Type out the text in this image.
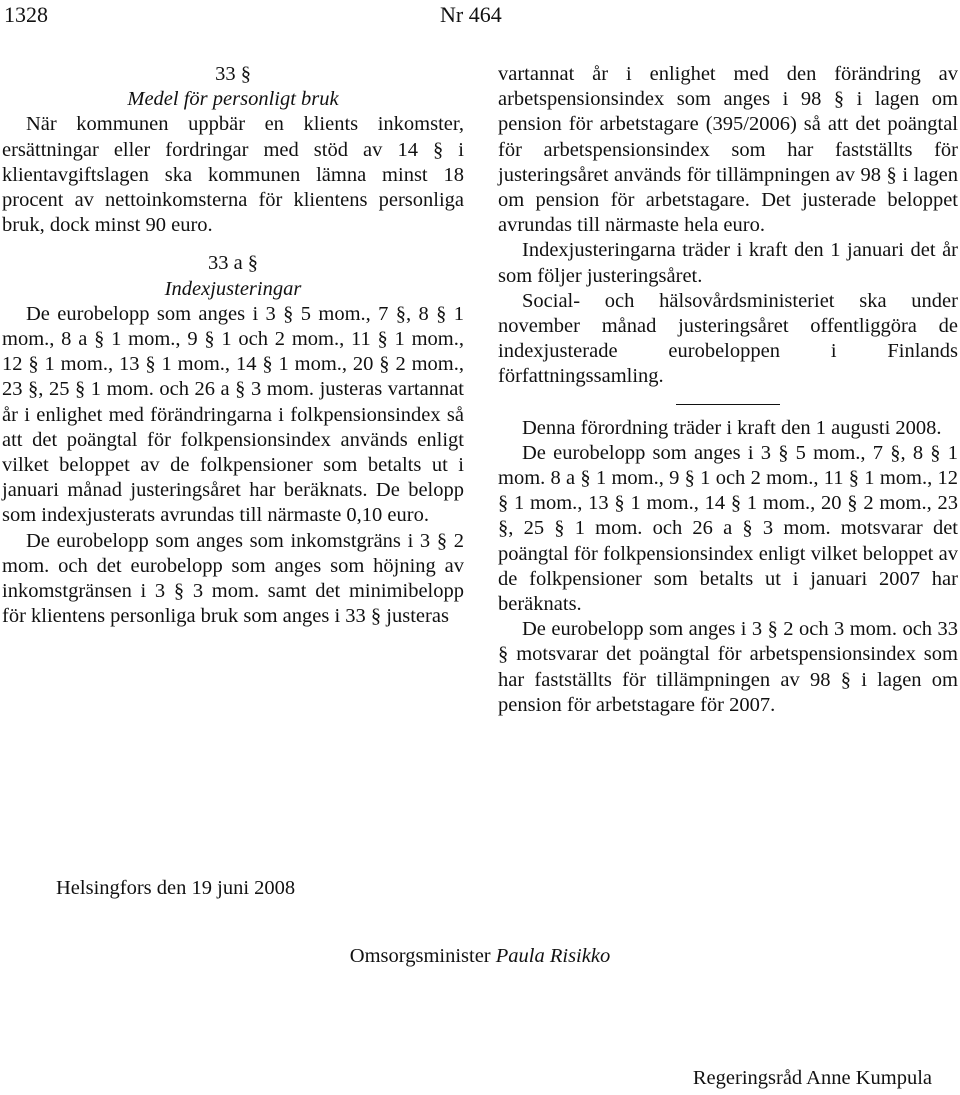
1328	Nr 464

33 §

Medel för personligt bruk

När kommunen uppbär en klients inkomster, ersättningar eller fordringar med stöd av 14 § i klientavgiftslagen ska kommunen lämna minst 18 procent av nettoinkomsterna för klientens personliga bruk, dock minst 90 euro.

33 a §

Indexjusteringar

De eurobelopp som anges i 3 § 5 mom., 7 §, 8 § 1 mom., 8 a § 1 mom., 9 § 1 och 2 mom., 11 § 1 mom., 12 § 1 mom., 13 § 1 mom., 14 § 1 mom., 20 § 2 mom., 23 §, 25 § 1 mom. och 26 a § 3 mom. justeras vartannat år i enlighet med förändringarna i folkpensionsindex så att det poängtal för folkpensionsindex används enligt vilket beloppet av de folkpensioner som betalts ut i januari månad justeringsåret har beräknats. De belopp som indexjusterats avrundas till närmaste 0,10 euro.

De eurobelopp som anges som inkomstgräns i 3 § 2 mom. och det eurobelopp som anges som höjning av inkomstgränsen i 3 § 3 mom. samt det minimibelopp för klientens personliga bruk som anges i 33 § justeras

vartannat år i enlighet med den förändring av arbetspensionsindex som anges i 98 § i lagen om pension för arbetstagare (395/2006) så att det poängtal för arbetspensionsindex som har fastställts för justeringsåret används för tillämpningen av 98 § i lagen om pension för arbetstagare. Det justerade beloppet avrundas till närmaste hela euro.

Indexjusteringarna träder i kraft den 1 januari det år som följer justeringsåret.

Social- och hälsovårdsministeriet ska under november månad justeringsåret offentliggöra de indexjusterade eurobeloppen i Finlands författningssamling.

Denna förordning träder i kraft den 1 augusti 2008.

De eurobelopp som anges i 3 § 5 mom., 7 §, 8 § 1 mom. 8 a § 1 mom., 9 § 1 och 2 mom., 11 § 1 mom., 12 § 1 mom., 13 § 1 mom., 14 § 1 mom., 20 § 2 mom., 23 §, 25 § 1 mom. och 26 a § 3 mom. motsvarar det poängtal för folkpensionsindex enligt vilket beloppet av de folkpensioner som betalts ut i januari 2007 har beräknats.

De eurobelopp som anges i 3 § 2 och 3 mom. och 33 § motsvarar det poängtal för arbetspensionsindex som har fastställts för tillämpningen av 98 § i lagen om pension för arbetstagare för 2007.

Helsingfors den 19 juni 2008
Omsorgsminister Paula Risikko
Regeringsråd Anne Kumpula
